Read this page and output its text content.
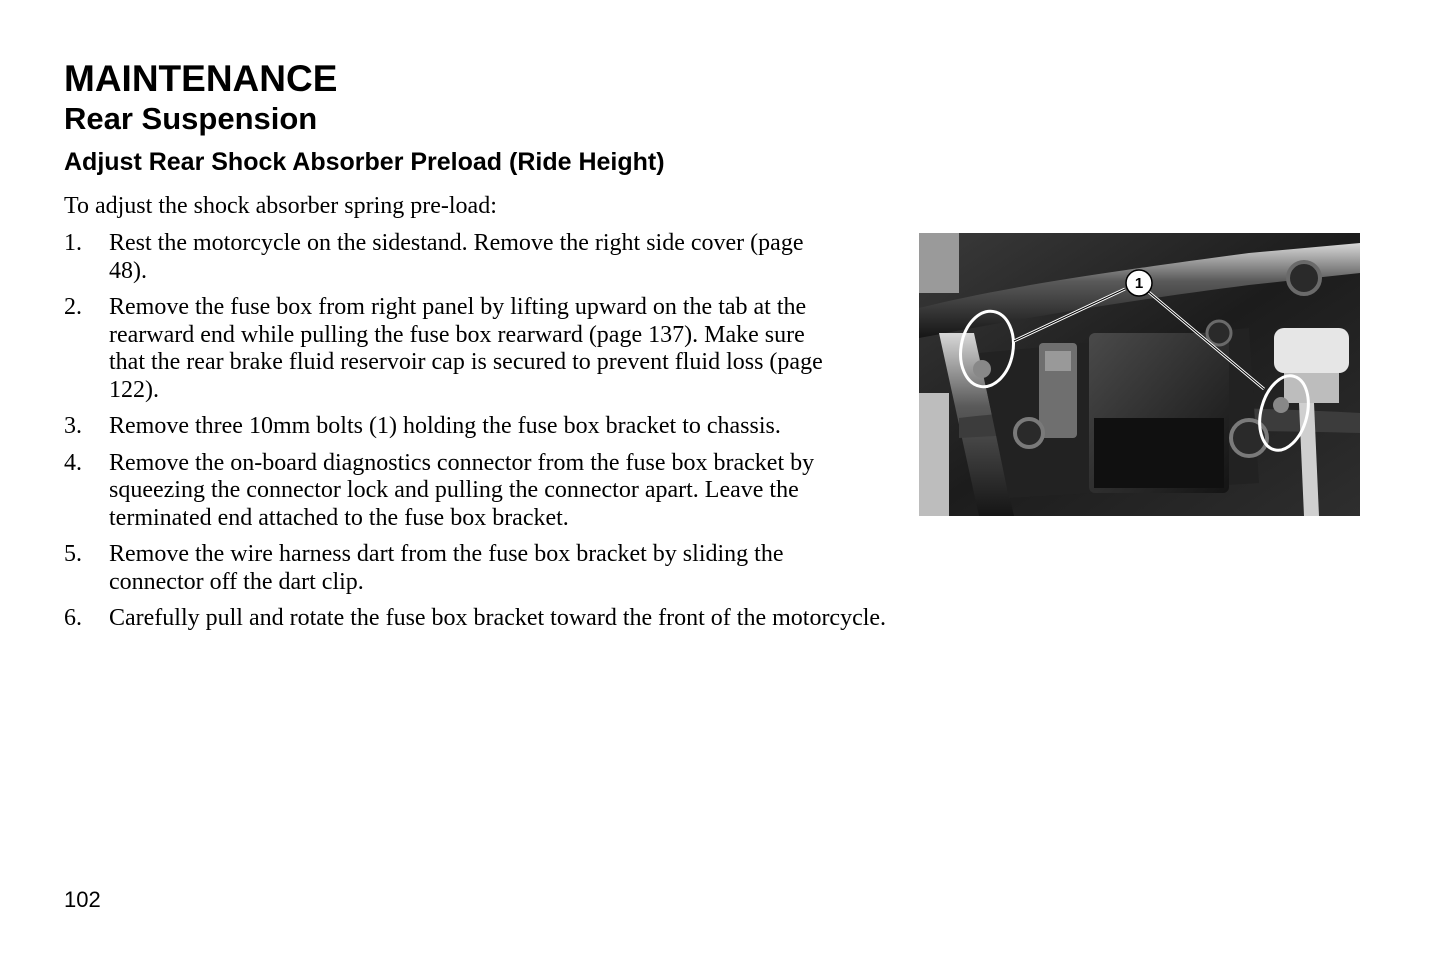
MAINTENANCE
Rear Suspension
Adjust Rear Shock Absorber Preload (Ride Height)

To adjust the shock absorber spring pre-load:

1. Rest the motorcycle on the sidestand. Remove the right side cover (page 48).
2. Remove the fuse box from right panel by lifting upward on the tab at the rearward end while pulling the fuse box rearward (page 137). Make sure that the rear brake fluid reservoir cap is secured to prevent fluid loss (page 122).
3. Remove three 10mm bolts (1) holding the fuse box bracket to chassis.
4. Remove the on-board diagnostics connector from the fuse box bracket by squeezing the connector lock and pulling the connector apart. Leave the terminated end attached to the fuse box bracket.
5. Remove the wire harness dart from the fuse box bracket by sliding the connector off the dart clip.
6. Carefully pull and rotate the fuse box bracket toward the front of the motorcycle.
1

102
